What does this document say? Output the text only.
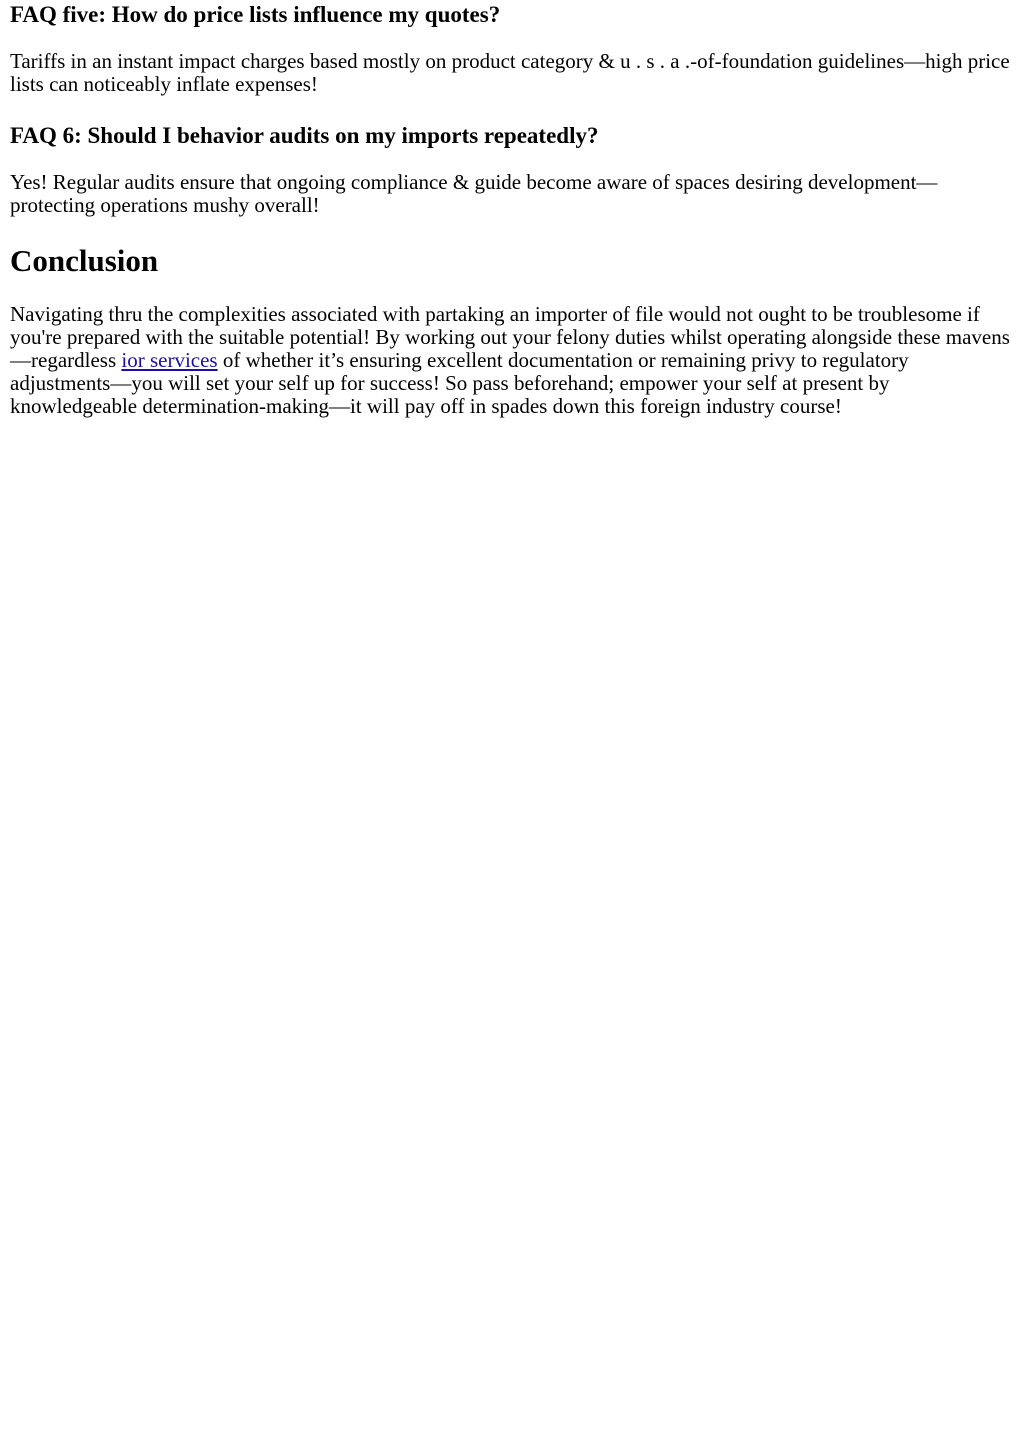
FAQ five: How do price lists influence my quotes?

Tariffs in an instant impact charges based mostly on product category & u . s . a .-of-foundation guidelines—high price lists can noticeably inflate expenses!

FAQ 6: Should I behavior audits on my imports repeatedly?

Yes! Regular audits ensure that ongoing compliance & guide become aware of spaces desiring development—protecting operations mushy overall!

Conclusion

Navigating thru the complexities associated with partaking an importer of file would not ought to be troublesome if you're prepared with the suitable potential! By working out your felony duties whilst operating alongside these mavens—regardless ior services of whether it’s ensuring excellent documentation or remaining privy to regulatory adjustments—you will set your self up for success! So pass beforehand; empower your self at present by knowledgeable determination-making—it will pay off in spades down this foreign industry course!
